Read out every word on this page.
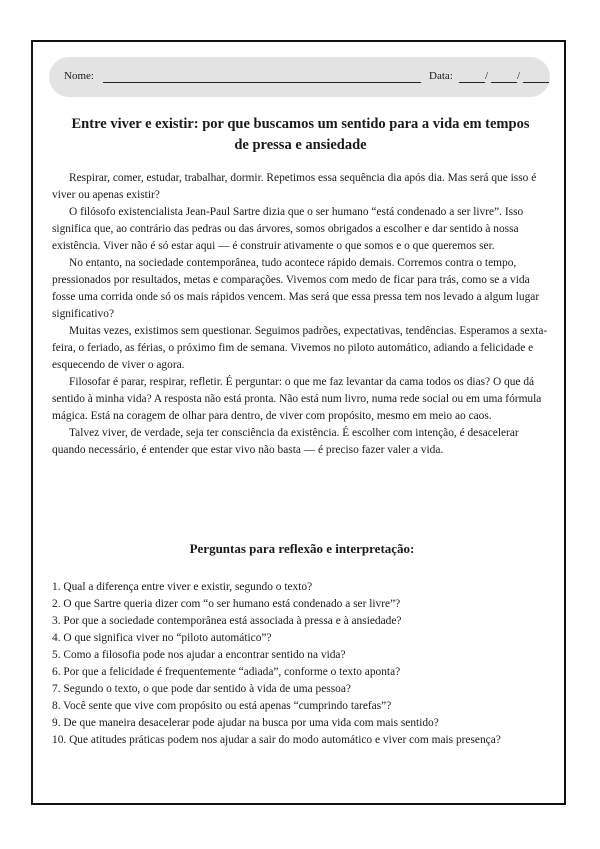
Nome:	Data:	/	/
Entre viver e existir: por que buscamos um sentido para a vida em tempos de pressa e ansiedade

Respirar, comer, estudar, trabalhar, dormir. Repetimos essa sequência dia após dia. Mas será que isso é viver ou apenas existir?

O filósofo existencialista Jean-Paul Sartre dizia que o ser humano “está condenado a ser livre”. Isso significa que, ao contrário das pedras ou das árvores, somos obrigados a escolher e dar sentido à nossa existência. Viver não é só estar aqui — é construir ativamente o que somos e o que queremos ser.

No entanto, na sociedade contemporânea, tudo acontece rápido demais. Corremos contra o tempo, pressionados por resultados, metas e comparações. Vivemos com medo de ficar para trás, como se a vida fosse uma corrida onde só os mais rápidos vencem. Mas será que essa pressa tem nos levado a algum lugar significativo?

Muitas vezes, existimos sem questionar. Seguimos padrões, expectativas, tendências. Esperamos a sexta-feira, o feriado, as férias, o próximo fim de semana. Vivemos no piloto automático, adiando a felicidade e esquecendo de viver o agora.

Filosofar é parar, respirar, refletir. É perguntar: o que me faz levantar da cama todos os dias? O que dá sentido à minha vida? A resposta não está pronta. Não está num livro, numa rede social ou em uma fórmula mágica. Está na coragem de olhar para dentro, de viver com propósito, mesmo em meio ao caos.

Talvez viver, de verdade, seja ter consciência da existência. É escolher com intenção, é desacelerar quando necessário, é entender que estar vivo não basta — é preciso fazer valer a vida.

Perguntas para reflexão e interpretação:
1. Qual a diferença entre viver e existir, segundo o texto?
2. O que Sartre queria dizer com “o ser humano está condenado a ser livre”?
3. Por que a sociedade contemporânea está associada à pressa e à ansiedade?
4. O que significa viver no “piloto automático”?
5. Como a filosofia pode nos ajudar a encontrar sentido na vida?
6. Por que a felicidade é frequentemente “adiada”, conforme o texto aponta?
7. Segundo o texto, o que pode dar sentido à vida de uma pessoa?
8. Você sente que vive com propósito ou está apenas “cumprindo tarefas”?
9. De que maneira desacelerar pode ajudar na busca por uma vida com mais sentido?
10. Que atitudes práticas podem nos ajudar a sair do modo automático e viver com mais presença?
